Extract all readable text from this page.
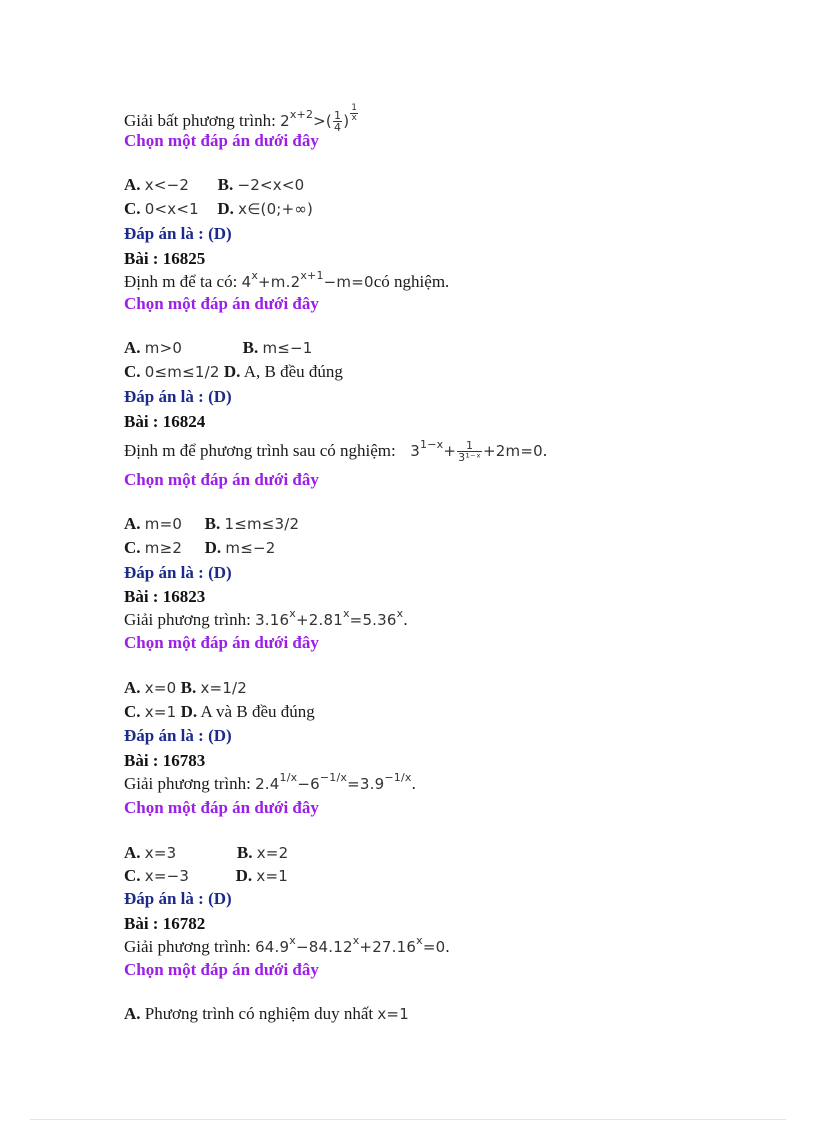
Giải bất phương trình: $2^{x+2}>( \frac{1}{4}$ ) $\frac{1}{x}$
Chọn một đáp án dưới đây
A. x<−2 B. −2<x<0
C. 0<x<1 D. x∈(0;+∞)
Đáp án là : (D)
Bài : 16825
Định m để ta có: $4^x+m.2^{x+1}-m=0có$ nghiệm.
Chọn một đáp án dưới đây
A. m>0	B. m≤−1
C. 0≤m≤1/2 D. A, B đều đúng
Đáp án là : (D)
Bài : 16824
Định m để phương trình sau có nghiệm: $3^{1-x}+ \frac{1}{\text{3¹⁻ˣ}} +2m=0$.
Chọn một đáp án dưới đây
A. m=0 B. 1≤m≤3/2
C. m≥2 D. m≤−2
Đáp án là : (D)
Bài : 16823
Giải phương trình: $3.16^x+2.81^x=5.36^x$.
Chọn một đáp án dưới đây
A. x=0 B. x=1/2
C. x=1 D. A và B đều đúng
Đáp án là : (D)
Bài : 16783
Giải phương trình: $2.4^{1/x}-6^{-1/x}=3.9^{-1/x}$.
Chọn một đáp án dưới đây
A. x=3	B. x=2
C. x=−3	D. x=1
Đáp án là : (D)
Bài : 16782
Giải phương trình: $64.9^x-84.12^x+27.16^x=0$.
Chọn một đáp án dưới đây
A. Phương trình có nghiệm duy nhất x=1
